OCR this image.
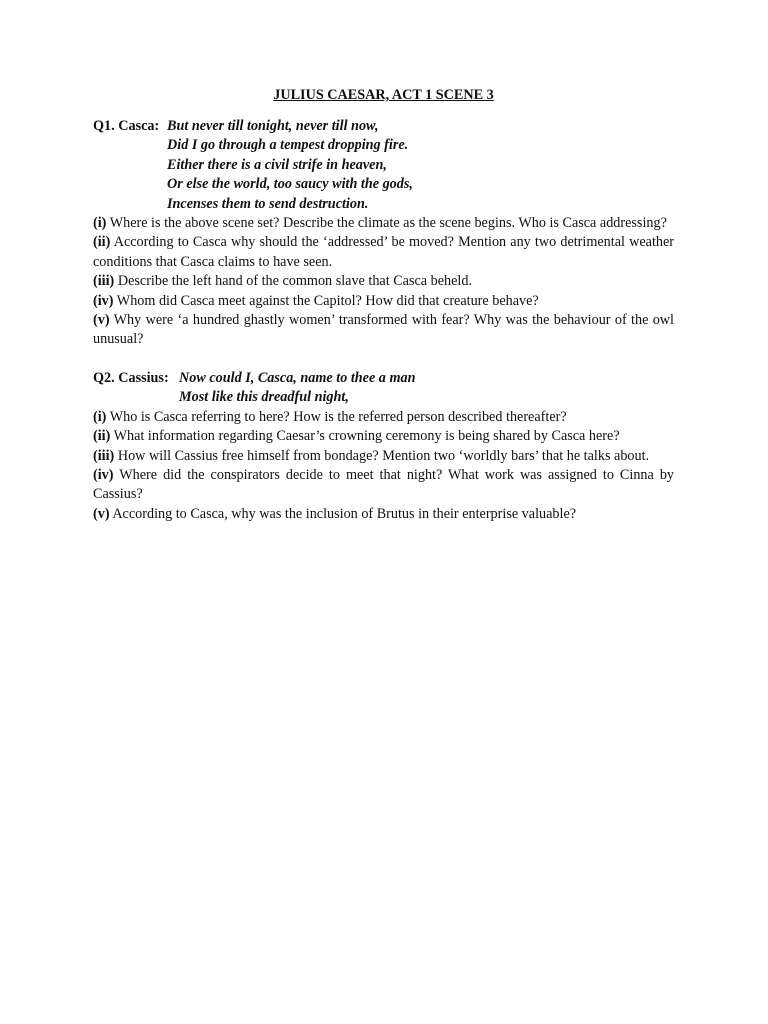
JULIUS CAESAR, ACT 1 SCENE 3
Q1. Casca: But never till tonight, never till now,
Did I go through a tempest dropping fire.
Either there is a civil strife in heaven,
Or else the world, too saucy with the gods,
Incenses them to send destruction.

(i) Where is the above scene set? Describe the climate as the scene begins. Who is Casca addressing?

(ii) According to Casca why should the ‘addressed’ be moved? Mention any two detrimental weather conditions that Casca claims to have seen.

(iii) Describe the left hand of the common slave that Casca beheld.

(iv) Whom did Casca meet against the Capitol? How did that creature behave?

(v) Why were ‘a hundred ghastly women’ transformed with fear? Why was the behaviour of the owl unusual?

Q2. Cassius: Now could I, Casca, name to thee a man
Most like this dreadful night,

(i) Who is Casca referring to here? How is the referred person described thereafter?

(ii) What information regarding Caesar’s crowning ceremony is being shared by Casca here?

(iii) How will Cassius free himself from bondage? Mention two ‘worldly bars’ that he talks about.

(iv) Where did the conspirators decide to meet that night? What work was assigned to Cinna by Cassius?

(v) According to Casca, why was the inclusion of Brutus in their enterprise valuable?
